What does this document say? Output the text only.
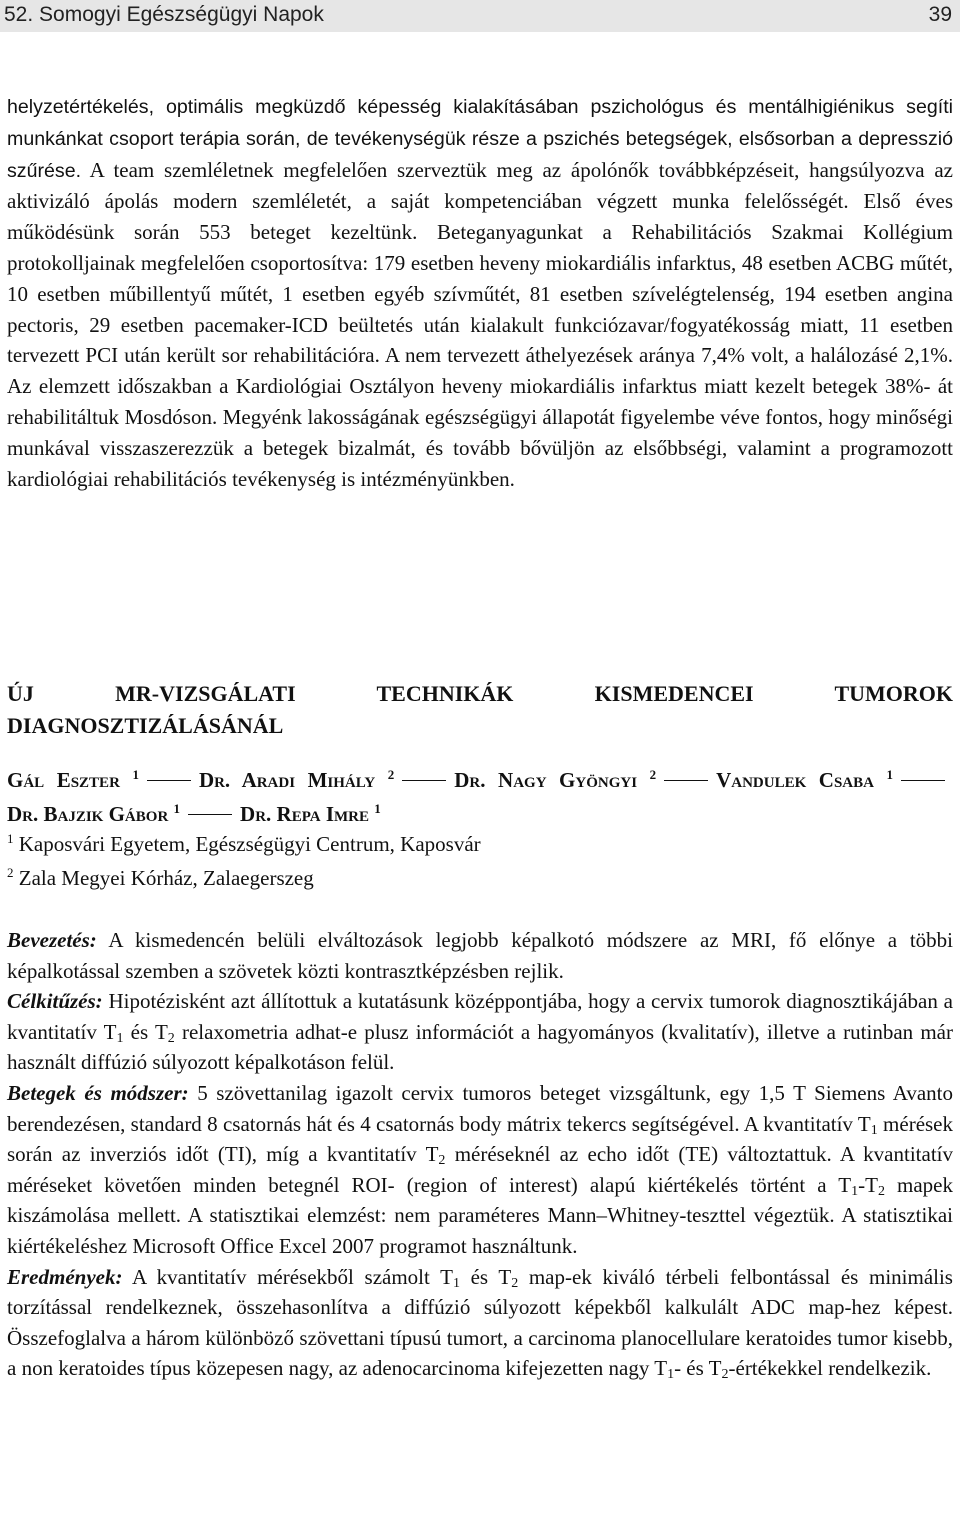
52. Somogyi Egészségügyi Napok	39
helyzetértékelés, optimális megküzdő képesség kialakításában pszichológus és mentálhigiénikus segíti munkánkat csoport terápia során, de tevékenységük része a pszichés betegségek, elsősorban a depresszió szűrése. A team szemléletnek megfelelően szerveztük meg az ápolónők továbbképzéseit, hangsúlyozva az aktivizáló ápolás modern szemléletét, a saját kompetenciában végzett munka felelősségét. Első éves működésünk során 553 beteget kezeltünk. Beteganyagunkat a Rehabilitációs Szakmai Kollégium protokolljainak megfelelően csoportosítva: 179 esetben heveny miokardiális infarktus, 48 esetben ACBG műtét, 10 esetben műbillentyű műtét, 1 esetben egyéb szívműtét, 81 esetben szívelégtelenség, 194 esetben angina pectoris, 29 esetben pacemaker-ICD beültetés után kialakult funkciózavar/fogyatékosság miatt, 11 esetben tervezett PCI után került sor rehabilitációra. A nem tervezett áthelyezések aránya 7,4% volt, a halálozásé 2,1%. Az elemzett időszakban a Kardiológiai Osztályon heveny miokardiális infarktus miatt kezelt betegek 38%- át rehabilitáltuk Mosdóson. Megyénk lakosságának egészségügyi állapotát figyelembe véve fontos, hogy minőségi munkával visszaszerezzük a betegek bizalmát, és tovább bővüljön az elsőbbségi, valamint a programozott kardiológiai rehabilitációs tevékenység is intézményünkben.
ÚJ MR-VIZSGÁLATI TECHNIKÁK KISMEDENCEI TUMOROK
DIAGNOSZTIZÁLÁSÁNÁL
Gál Eszter $^1$	Dr. Aradi Mihály $^2$	Dr. Nagy Gyöngyi $^2$	Vandulek Csaba $^1$
Dr. Bajzik Gábor $^1$	Dr. Repa Imre $^1$
$^1$ Kaposvári Egyetem, Egészségügyi Centrum, Kaposvár
$^2$ Zala Megyei Kórház, Zalaegerszeg

Bevezetés: A kismedencén belüli elváltozások legjobb képalkotó módszere az MRI, fő előnye a többi képalkotással szemben a szövetek közti kontrasztképzésben rejlik.

Célkitűzés: Hipotézisként azt állítottuk a kutatásunk középpontjába, hogy a cervix tumorok diagnosztikájában a kvantitatív $T_1$ és $T_2$ relaxometria adhat-e plusz információt a hagyományos (kvalitatív), illetve a rutinban már használt diffúzió súlyozott képalkotáson felül.

Betegek és módszer: 5 szövettanilag igazolt cervix tumoros beteget vizsgáltunk, egy 1,5 T Siemens Avanto berendezésen, standard 8 csatornás hát és 4 csatornás body mátrix tekercs segítségével. A kvantitatív $T_1$ mérések során az inverziós időt (TI), míg a kvantitatív $T_2$ méréseknél az echo időt (TE) változtattuk. A kvantitatív méréseket követően minden betegnél ROI- (region of interest) alapú kiértékelés történt a $T_1-T_2$ mapek kiszámolása mellett. A statisztikai elemzést: nem paraméteres Mann–Whitney-teszttel végeztük. A statisztikai kiértékeléshez Microsoft Office Excel 2007 programot használtunk.

Eredmények: A kvantitatív mérésekből számolt $T_1$ és $T_2$ map-ek kiváló térbeli felbontással és minimális torzítással rendelkeznek, összehasonlítva a diffúzió súlyozott képekből kalkulált ADC map-hez képest. Összefoglalva a három különböző szövettani típusú tumort, a carcinoma planocellulare keratoides tumor kisebb, a non keratoides típus közepesen nagy, az adenocarcinoma kifejezetten nagy $T_1-$ és $T_2$-értékekkel rendelkezik.
